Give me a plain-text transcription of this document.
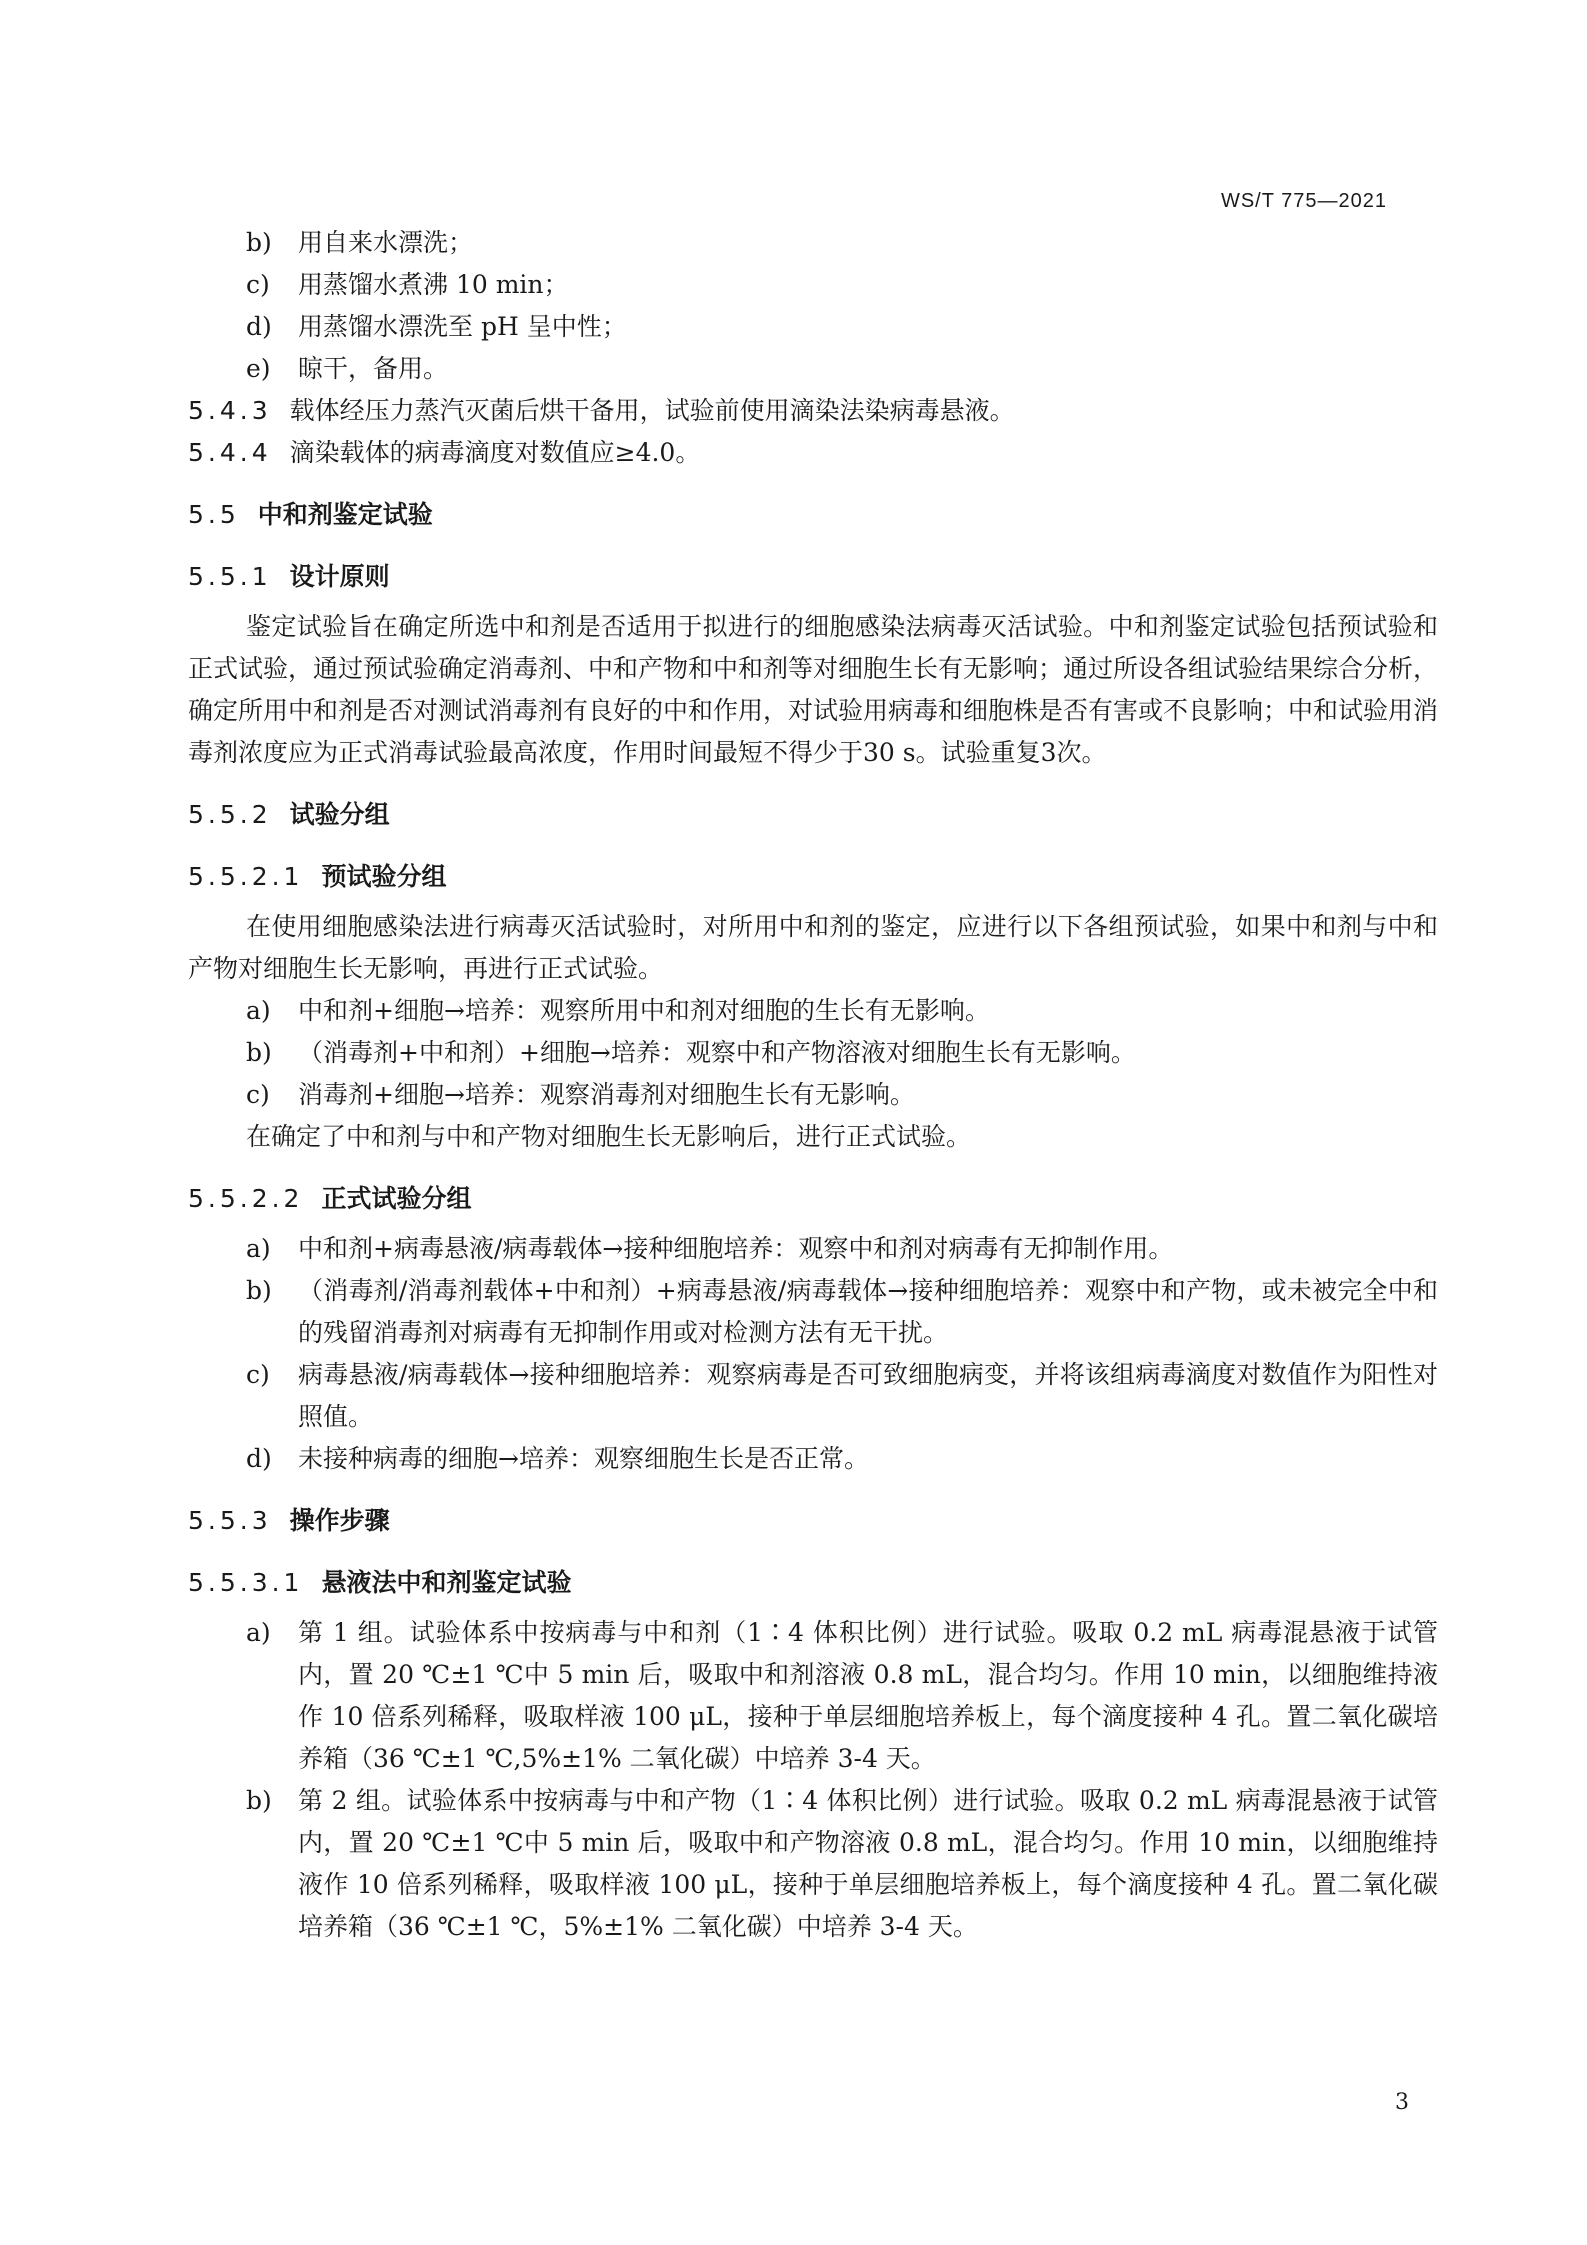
WS/T 775—2021
b) 用自来水漂洗；
c) 用蒸馏水煮沸 10 min；
d) 用蒸馏水漂洗至 pH 呈中性；
e) 晾干，备用。
5.4.3 载体经压力蒸汽灭菌后烘干备用，试验前使用滴染法染病毒悬液。
5.4.4 滴染载体的病毒滴度对数值应≥4.0。
5.5 中和剂鉴定试验
5.5.1 设计原则

鉴定试验旨在确定所选中和剂是否适用于拟进行的细胞感染法病毒灭活试验。中和剂鉴定试验包括预试验和正式试验，通过预试验确定消毒剂、中和产物和中和剂等对细胞生长有无影响；通过所设各组试验结果综合分析，确定所用中和剂是否对测试消毒剂有良好的中和作用，对试验用病毒和细胞株是否有害或不良影响；中和试验用消毒剂浓度应为正式消毒试验最高浓度，作用时间最短不得少于30 s。试验重复3次。

5.5.2 试验分组
5.5.2.1 预试验分组

在使用细胞感染法进行病毒灭活试验时，对所用中和剂的鉴定，应进行以下各组预试验，如果中和剂与中和产物对细胞生长无影响，再进行正式试验。

a) 中和剂+细胞→培养：观察所用中和剂对细胞的生长有无影响。
b) （消毒剂+中和剂）+细胞→培养：观察中和产物溶液对细胞生长有无影响。
c) 消毒剂+细胞→培养：观察消毒剂对细胞生长有无影响。

在确定了中和剂与中和产物对细胞生长无影响后，进行正式试验。

5.5.2.2 正式试验分组
a) 中和剂+病毒悬液/病毒载体→接种细胞培养：观察中和剂对病毒有无抑制作用。
b) （消毒剂/消毒剂载体+中和剂）+病毒悬液/病毒载体→接种细胞培养：观察中和产物，或未被完全中和的残留消毒剂对病毒有无抑制作用或对检测方法有无干扰。
c) 病毒悬液/病毒载体→接种细胞培养：观察病毒是否可致细胞病变，并将该组病毒滴度对数值作为阳性对照值。
d) 未接种病毒的细胞→培养：观察细胞生长是否正常。
5.5.3 操作步骤
5.5.3.1 悬液法中和剂鉴定试验
a) 第 1 组。试验体系中按病毒与中和剂（1∶4 体积比例）进行试验。吸取 0.2 mL 病毒混悬液于试管内，置 20 ℃±1 ℃中 5 min 后，吸取中和剂溶液 0.8 mL，混合均匀。作用 10 min，以细胞维持液作 10 倍系列稀释，吸取样液 100 μL，接种于单层细胞培养板上，每个滴度接种 4 孔。置二氧化碳培养箱（36 ℃±1 ℃,5%±1% 二氧化碳）中培养 3-4 天。
b) 第 2 组。试验体系中按病毒与中和产物（1∶4 体积比例）进行试验。吸取 0.2 mL 病毒混悬液于试管内，置 20 ℃±1 ℃中 5 min 后，吸取中和产物溶液 0.8 mL，混合均匀。作用 10 min，以细胞维持液作 10 倍系列稀释，吸取样液 100 μL，接种于单层细胞培养板上，每个滴度接种 4 孔。置二氧化碳培养箱（36 ℃±1 ℃，5%±1% 二氧化碳）中培养 3-4 天。
3
